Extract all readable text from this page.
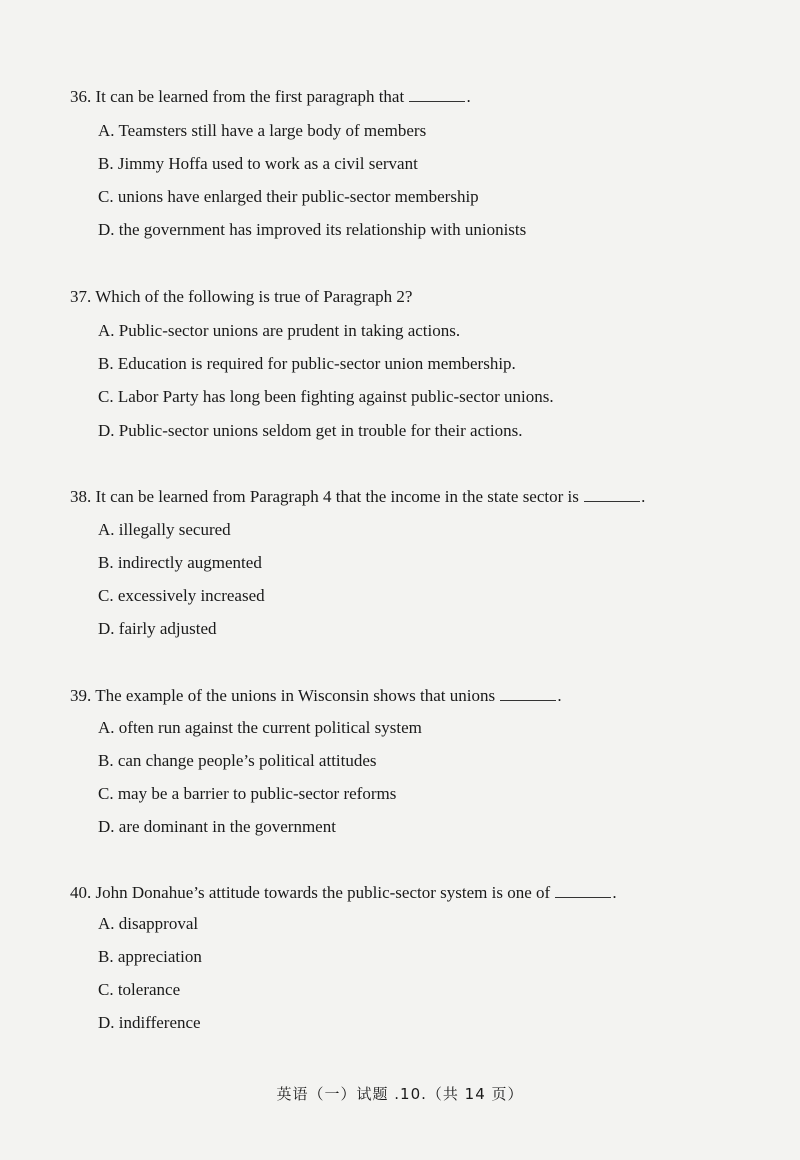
36. It can be learned from the first paragraph that	.
A. Teamsters still have a large body of members
B. Jimmy Hoffa used to work as a civil servant
C. unions have enlarged their public-sector membership
D. the government has improved its relationship with unionists
37. Which of the following is true of Paragraph 2?
A. Public-sector unions are prudent in taking actions.
B. Education is required for public-sector union membership.
C. Labor Party has long been fighting against public-sector unions.
D. Public-sector unions seldom get in trouble for their actions.
38. It can be learned from Paragraph 4 that the income in the state sector is	.
A. illegally secured
B. indirectly augmented
C. excessively increased
D. fairly adjusted
39. The example of the unions in Wisconsin shows that unions	.
A. often run against the current political system
B. can change people’s political attitudes
C. may be a barrier to public-sector reforms
D. are dominant in the government
40. John Donahue’s attitude towards the public-sector system is one of	.
A. disapproval
B. appreciation
C. tolerance
D. indifference
英语（一）试题 .10.（共 14 页）
